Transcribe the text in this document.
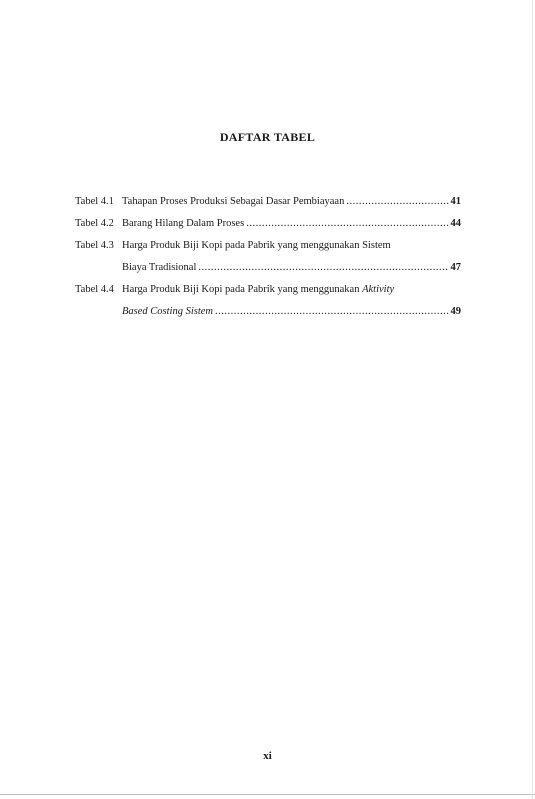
DAFTAR TABEL
Tabel 4.1 Tahapan Proses Produksi Sebagai Dasar Pembiayaan .....	41
Tabel 4.2 Barang Hilang Dalam Proses .....	44
Tabel 4.3 Harga Produk Biji Kopi pada Pabrik yang menggunakan Sistem
Biaya Tradisional .....	47
Tabel 4.4 Harga Produk Biji Kopi pada Pabrik yang menggunakan Aktivity
Based Costing Sistem .....	49
xi
